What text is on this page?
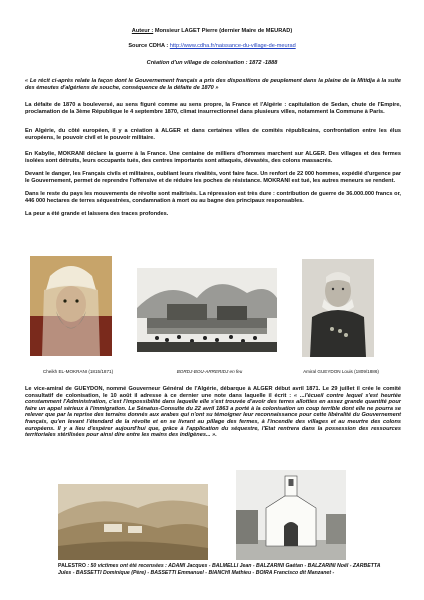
Auteur : Monsieur LAGET Pierre (dernier Maire de MEURAD)
Source CDHA : http://www.cdha.fr/naissance-du-village-de-meurad
Création d'un village de colonisation : 1872 -1888
« Le récit ci-après relate la façon dont le Gouvernement français a pris des dispositions de peuplement dans la plaine de la Mitidja à la suite des émeutes d'algériens de souche, conséquence de la défaite de 1870 »
La défaite de 1870 a bouleversé, au sens figuré comme au sens propre, la France et l'Algérie : capitulation de Sedan, chute de l'Empire, proclamation de la 3ème République le 4 septembre 1870, climat insurrectionnel dans plusieurs villes, notamment la Commune à Paris.
En Algérie, du côté européen, il y a création à ALGER et dans certaines villes de comités républicains, confrontation entre les élus européens, le pouvoir civil et le pouvoir militaire.
En Kabylie, MOKRANI déclare la guerre à la France. Une centaine de milliers d'hommes marchent sur ALGER. Des villages et des fermes isolées sont détruits, leurs occupants tués, des centres importants sont attaqués, dévastés, des colons massacrés.
Devant le danger, les Français civils et militaires, oubliant leurs rivalités, vont faire face. Un renfort de 22 000 hommes, expédié d'urgence par le Gouvernement, permet de reprendre l'offensive et de réduire les poches de résistance. MOKRANI est tué, les autres meneurs se rendent.
Dans le reste du pays les mouvements de révolte sont maîtrisés. La répression est très dure : contribution de guerre de 36.000.000 francs or, 446 000 hectares de terres séquestrées, condamnation à mort ou au bagne des principaux responsables.
La peur a été grande et laissera des traces profondes.
Cheikh EL-MOKRANI (1815/1871)	BORDJ-BOU-ARRERIDJ en feu	Amiral GUEYDON Louis (1809/1886)
Le vice-amiral de GUEYDON, nommé Gouverneur Général de l'Algérie, débarque à ALGER début avril 1871. Le 29 juillet il crée le comité consultatif de colonisation, le 10 août il adresse à ce dernier une note dans laquelle il écrit : « ...l'écueil contre lequel s'est heurtée constamment l'Administration, c'est l'impossibilité dans laquelle elle s'est trouvée d'avoir des terres allotties en assez grande quantité pour faire un appel sérieux à l'immigration. Le Sénatus-Consulte du 22 avril 1863 a porté à la colonisation un coup terrible dont elle ne pourra se relever que par la reprise des terrains donnés aux arabes qui n'ont su témoigner leur reconnaissance pour cette libéralité du Gouvernement français, qu'en levant l'étendard de la révolte et en se livrant au pillage des fermes, à l'incendie des villages et au meurtre des colons européens. Il y a lieu d'espérer aujourd'hui que, grâce à l'application du séquestre, l'Etat rentrera dans la possession des ressources territoriales stérilisées pour ainsi dire entre les mains des indigènes... ».
PALESTRO : 50 victimes ont été recensées : ADAMI Jacques - BALMELLI Jean - BALZARINI Gaétan - BALZARINI Noël - ZARBETTA Jules - BASSETTI Dominique (Père) - BASSETTI Emmanuel - BIANCHI Mathieu - BOIRA Francisco dit Manzanet -
